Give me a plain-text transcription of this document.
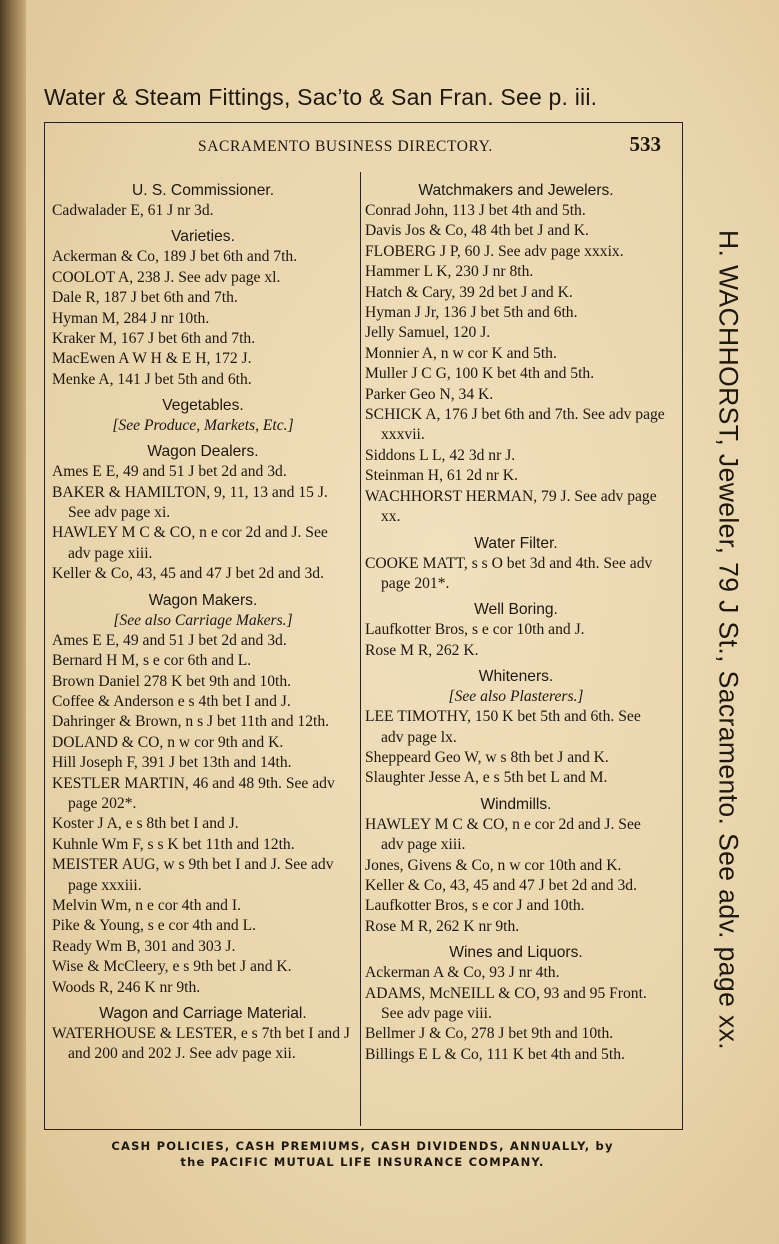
Water & Steam Fittings, Sac’to & San Fran. See p. iii.
SACRAMENTO BUSINESS DIRECTORY.	533
U. S. Commissioner.
Cadwalader E, 61 J nr 3d.
Varieties.
Ackerman & Co, 189 J bet 6th and 7th.
COOLOT A, 238 J. See adv page xl.
Dale R, 187 J bet 6th and 7th.
Hyman M, 284 J nr 10th.
Kraker M, 167 J bet 6th and 7th.
MacEwen A W H & E H, 172 J.
Menke A, 141 J bet 5th and 6th.
Vegetables.
[See Produce, Markets, Etc.]
Wagon Dealers.
Ames E E, 49 and 51 J bet 2d and 3d.
BAKER & HAMILTON, 9, 11, 13 and 15 J. See adv page xi.
HAWLEY M C & CO, n e cor 2d and J. See adv page xiii.
Keller & Co, 43, 45 and 47 J bet 2d and 3d.
Wagon Makers.
[See also Carriage Makers.]
Ames E E, 49 and 51 J bet 2d and 3d.
Bernard H M, s e cor 6th and L.
Brown Daniel 278 K bet 9th and 10th.
Coffee & Anderson e s 4th bet I and J.
Dahringer & Brown, n s J bet 11th and 12th.
DOLAND & CO, n w cor 9th and K.
Hill Joseph F, 391 J bet 13th and 14th.
KESTLER MARTIN, 46 and 48 9th. See adv page 202*.
Koster J A, e s 8th bet I and J.
Kuhnle Wm F, s s K bet 11th and 12th.
MEISTER AUG, w s 9th bet I and J. See adv page xxxiii.
Melvin Wm, n e cor 4th and I.
Pike & Young, s e cor 4th and L.
Ready Wm B, 301 and 303 J.
Wise & McCleery, e s 9th bet J and K.
Woods R, 246 K nr 9th.
Wagon and Carriage Material.
WATERHOUSE & LESTER, e s 7th bet I and J and 200 and 202 J. See adv page xii.
Watchmakers and Jewelers.
Conrad John, 113 J bet 4th and 5th.
Davis Jos & Co, 48 4th bet J and K.
FLOBERG J P, 60 J. See adv page xxxix.
Hammer L K, 230 J nr 8th.
Hatch & Cary, 39 2d bet J and K.
Hyman J Jr, 136 J bet 5th and 6th.
Jelly Samuel, 120 J.
Monnier A, n w cor K and 5th.
Muller J C G, 100 K bet 4th and 5th.
Parker Geo N, 34 K.
SCHICK A, 176 J bet 6th and 7th. See adv page xxxvii.
Siddons L L, 42 3d nr J.
Steinman H, 61 2d nr K.
WACHHORST HERMAN, 79 J. See adv page xx.
Water Filter.
COOKE MATT, s s O bet 3d and 4th. See adv page 201*.
Well Boring.
Laufkotter Bros, s e cor 10th and J.
Rose M R, 262 K.
Whiteners.
[See also Plasterers.]
LEE TIMOTHY, 150 K bet 5th and 6th. See adv page lx.
Sheppeard Geo W, w s 8th bet J and K.
Slaughter Jesse A, e s 5th bet L and M.
Windmills.
HAWLEY M C & CO, n e cor 2d and J. See adv page xiii.
Jones, Givens & Co, n w cor 10th and K.
Keller & Co, 43, 45 and 47 J bet 2d and 3d.
Laufkotter Bros, s e cor J and 10th.
Rose M R, 262 K nr 9th.
Wines and Liquors.
Ackerman A & Co, 93 J nr 4th.
ADAMS, McNEILL & CO, 93 and 95 Front. See adv page viii.
Bellmer J & Co, 278 J bet 9th and 10th.
Billings E L & Co, 111 K bet 4th and 5th.
H. WACHHORST, Jeweler, 79 J St., Sacramento. See adv. page xx.
CASH POLICIES, CASH PREMIUMS, CASH DIVIDENDS, ANNUALLY, by
the PACIFIC MUTUAL LIFE INSURANCE COMPANY.
